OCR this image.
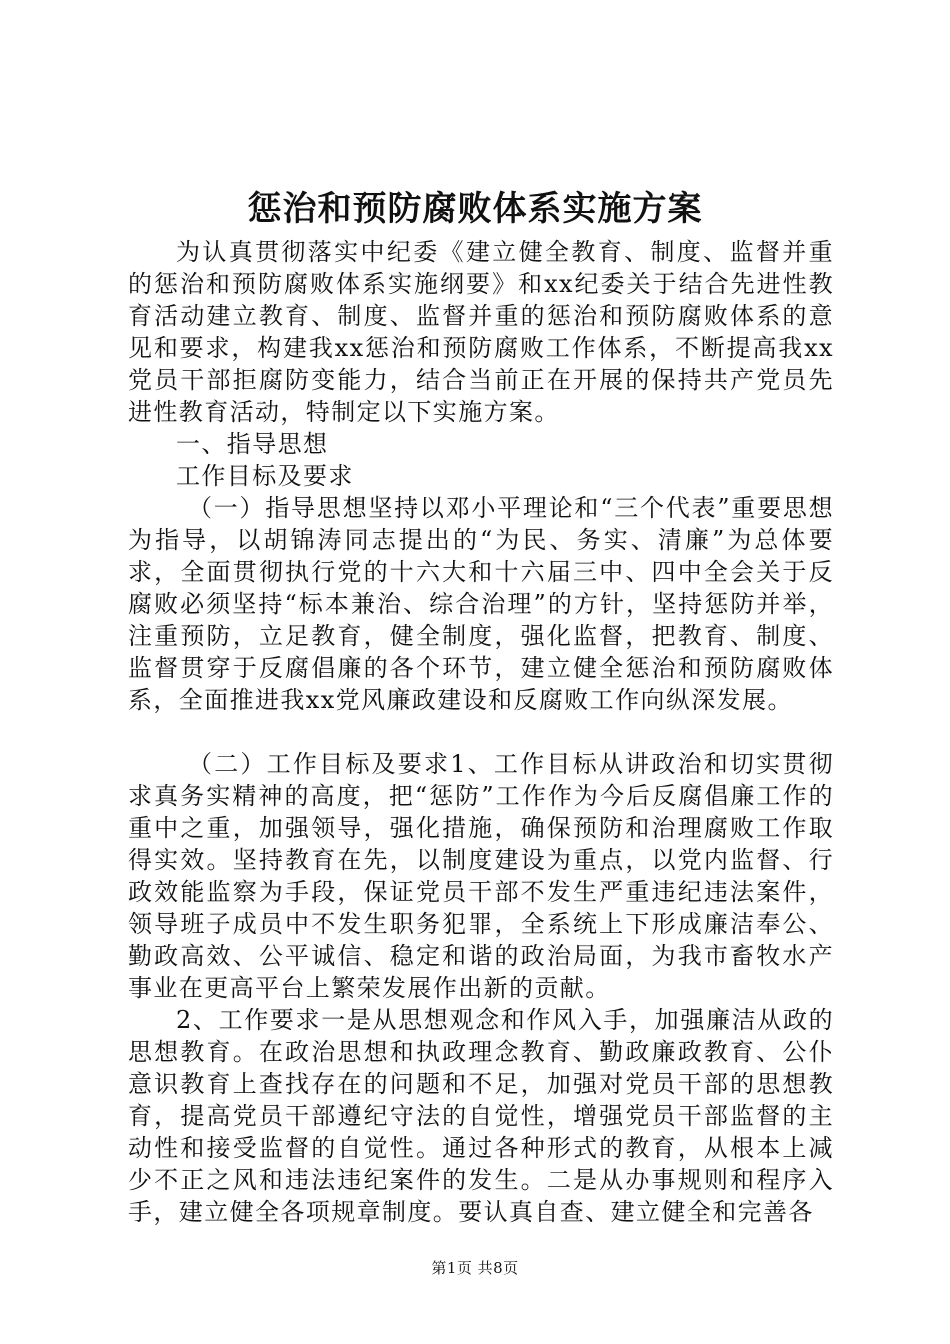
惩治和预防腐败体系实施方案

为认真贯彻落实中纪委《建立健全教育、制度、监督并重的惩治和预防腐败体系实施纲要》和xx纪委关于结合先进性教育活动建立教育、制度、监督并重的惩治和预防腐败体系的意见和要求，构建我xx惩治和预防腐败工作体系，不断提高我xx党员干部拒腐防变能力，结合当前正在开展的保持共产党员先进性教育活动，特制定以下实施方案。

一、指导思想

工作目标及要求

（一）指导思想坚持以邓小平理论和“三个代表”重要思想为指导，以胡锦涛同志提出的“为民、务实、清廉”为总体要求，全面贯彻执行党的十六大和十六届三中、四中全会关于反腐败必须坚持“标本兼治、综合治理”的方针，坚持惩防并举，注重预防，立足教育，健全制度，强化监督，把教育、制度、监督贯穿于反腐倡廉的各个环节，建立健全惩治和预防腐败体系，全面推进我xx党风廉政建设和反腐败工作向纵深发展。

（二）工作目标及要求1、工作目标从讲政治和切实贯彻求真务实精神的高度，把“惩防”工作作为今后反腐倡廉工作的重中之重，加强领导，强化措施，确保预防和治理腐败工作取得实效。坚持教育在先，以制度建设为重点，以党内监督、行政效能监察为手段，保证党员干部不发生严重违纪违法案件，领导班子成员中不发生职务犯罪，全系统上下形成廉洁奉公、勤政高效、公平诚信、稳定和谐的政治局面，为我市畜牧水产事业在更高平台上繁荣发展作出新的贡献。

2、工作要求一是从思想观念和作风入手，加强廉洁从政的思想教育。在政治思想和执政理念教育、勤政廉政教育、公仆意识教育上查找存在的问题和不足，加强对党员干部的思想教育，提高党员干部遵纪守法的自觉性，增强党员干部监督的主动性和接受监督的自觉性。通过各种形式的教育，从根本上减少不正之风和违法违纪案件的发生。二是从办事规则和程序入手，建立健全各项规章制度。要认真自查、建立健全和完善各

第1页 共8页
